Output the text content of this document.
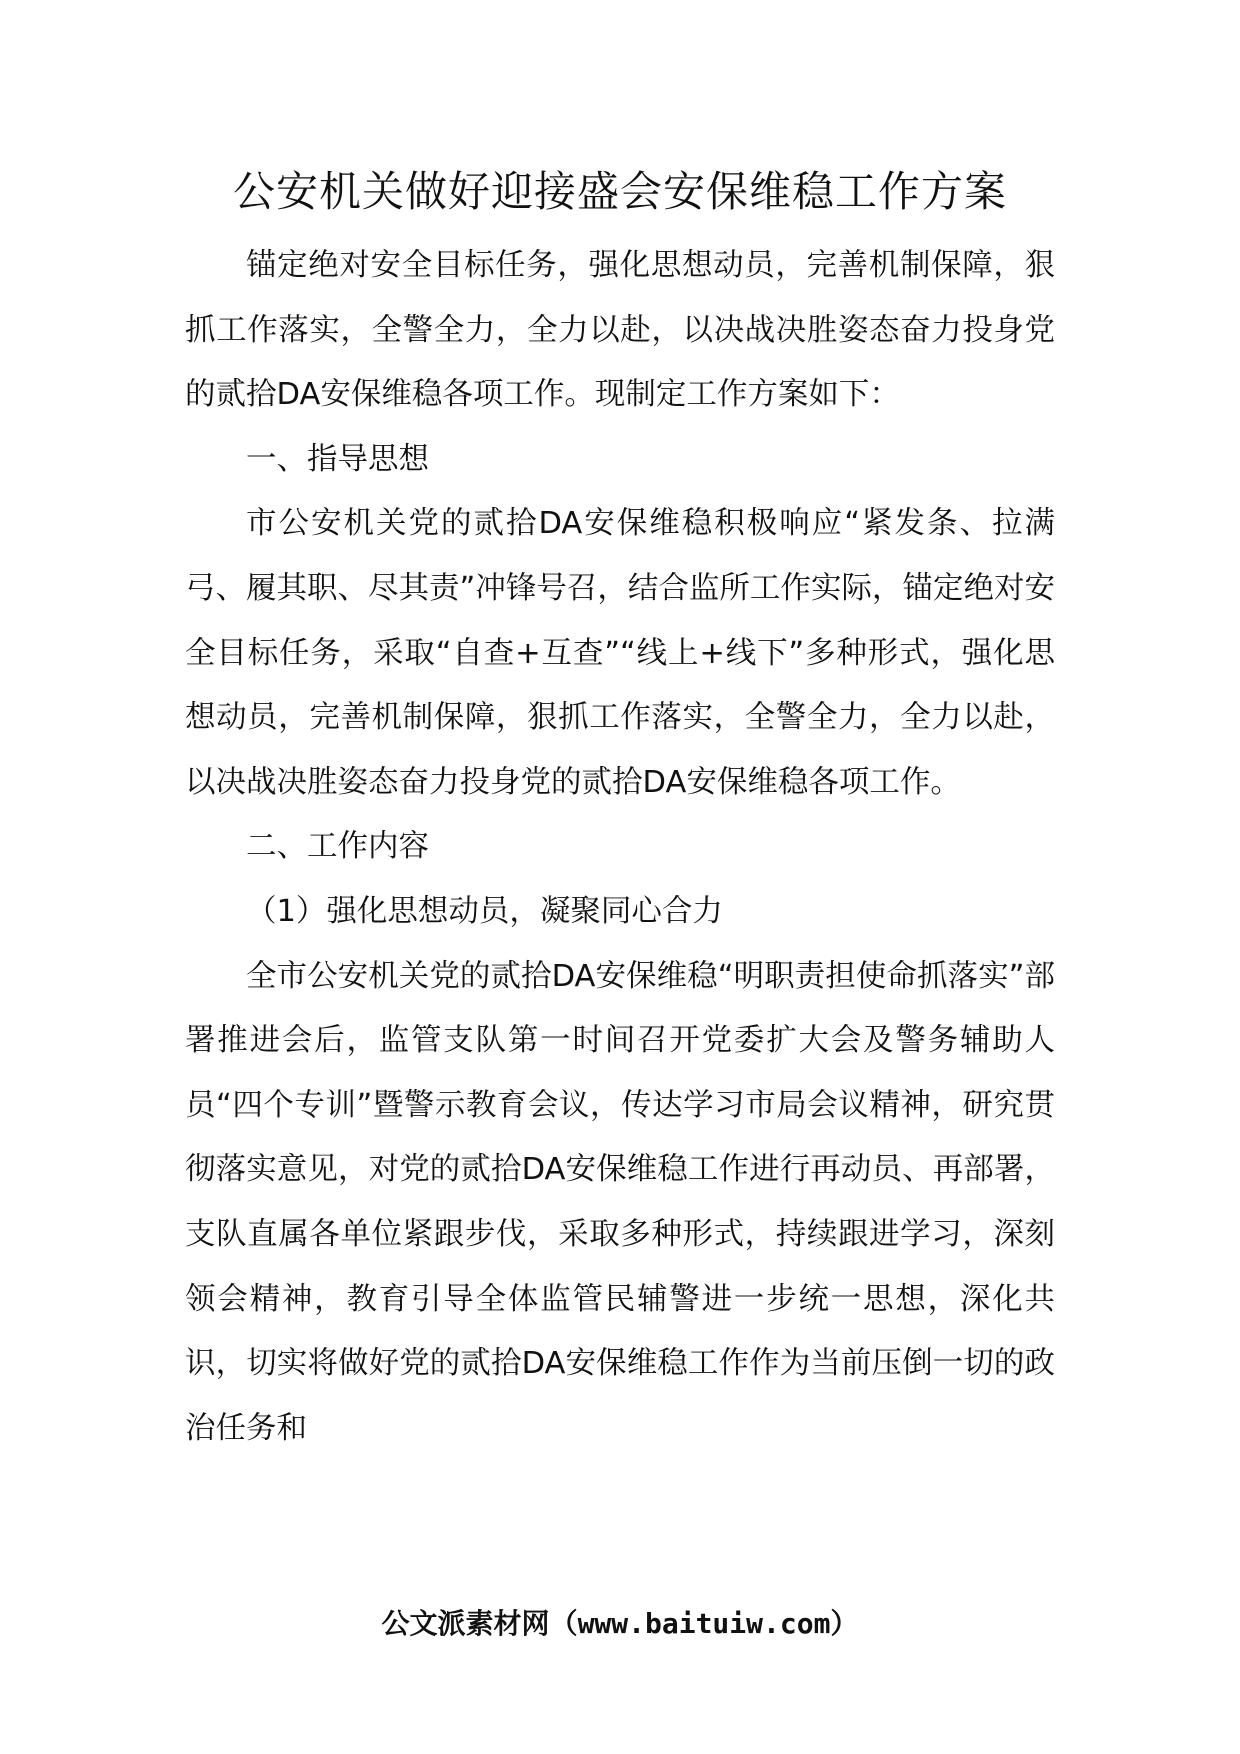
公安机关做好迎接盛会安保维稳工作方案

锚定绝对安全目标任务，强化思想动员，完善机制保障，狠抓工作落实，全警全力，全力以赴，以决战决胜姿态奋力投身党的贰拾DA安保维稳各项工作。现制定工作方案如下：

一、指导思想

市公安机关党的贰拾DA安保维稳积极响应“紧发条、拉满弓、履其职、尽其责”冲锋号召，结合监所工作实际，锚定绝对安全目标任务，采取“自查+互查”“线上+线下”多种形式，强化思想动员，完善机制保障，狠抓工作落实，全警全力，全力以赴，以决战决胜姿态奋力投身党的贰拾DA安保维稳各项工作。

二、工作内容

（1）强化思想动员，凝聚同心合力

全市公安机关党的贰拾DA安保维稳“明职责担使命抓落实”部署推进会后，监管支队第一时间召开党委扩大会及警务辅助人员“四个专训”暨警示教育会议，传达学习市局会议精神，研究贯彻落实意见，对党的贰拾DA安保维稳工作进行再动员、再部署，支队直属各单位紧跟步伐，采取多种形式，持续跟进学习，深刻领会精神，教育引导全体监管民辅警进一步统一思想，深化共识，切实将做好党的贰拾DA安保维稳工作作为当前压倒一切的政治任务和

公文派素材网（www.baituiw.com）
